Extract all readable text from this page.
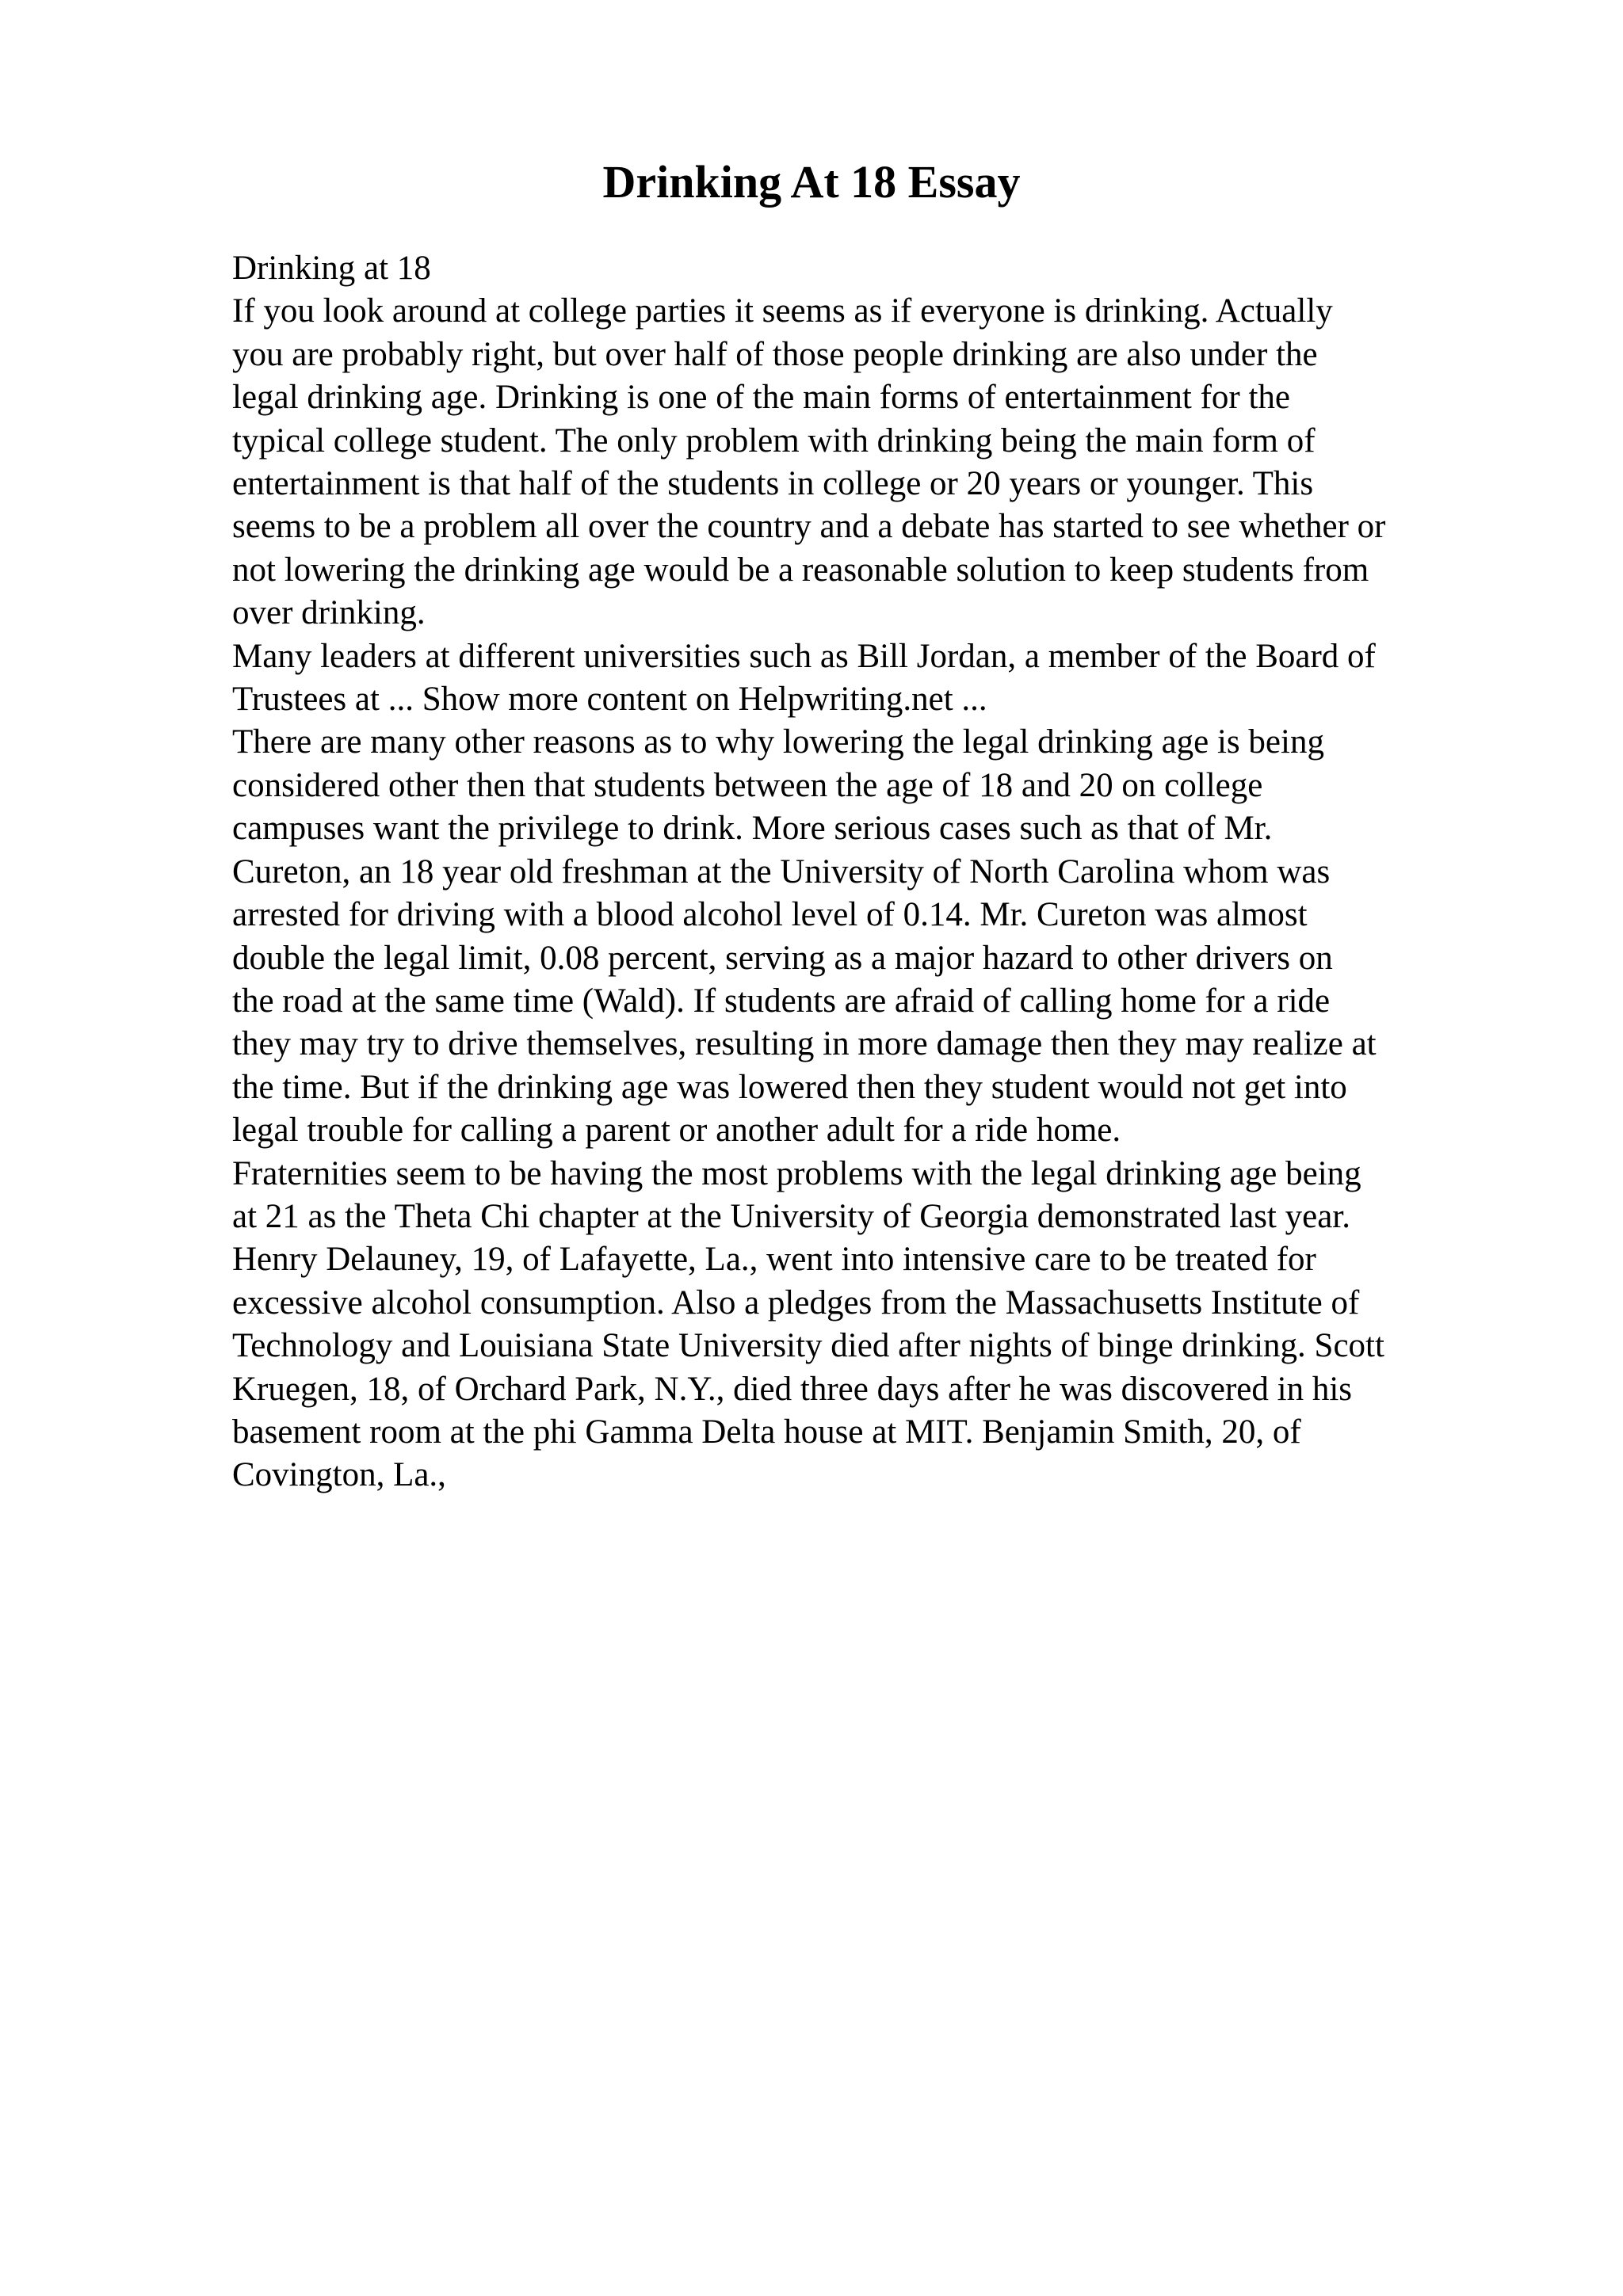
Drinking At 18 Essay
Drinking at 18
If you look around at college parties it seems as if everyone is drinking. Actually
you are probably right, but over half of those people drinking are also under the
legal drinking age. Drinking is one of the main forms of entertainment for the
typical college student. The only problem with drinking being the main form of
entertainment is that half of the students in college or 20 years or younger. This
seems to be a problem all over the country and a debate has started to see whether or
not lowering the drinking age would be a reasonable solution to keep students from
over drinking.
Many leaders at different universities such as Bill Jordan, a member of the Board of
Trustees at ... Show more content on Helpwriting.net ...
There are many other reasons as to why lowering the legal drinking age is being
considered other then that students between the age of 18 and 20 on college
campuses want the privilege to drink. More serious cases such as that of Mr.
Cureton, an 18 year old freshman at the University of North Carolina whom was
arrested for driving with a blood alcohol level of 0.14. Mr. Cureton was almost
double the legal limit, 0.08 percent, serving as a major hazard to other drivers on
the road at the same time (Wald). If students are afraid of calling home for a ride
they may try to drive themselves, resulting in more damage then they may realize at
the time. But if the drinking age was lowered then they student would not get into
legal trouble for calling a parent or another adult for a ride home.
Fraternities seem to be having the most problems with the legal drinking age being
at 21 as the Theta Chi chapter at the University of Georgia demonstrated last year.
Henry Delauney, 19, of Lafayette, La., went into intensive care to be treated for
excessive alcohol consumption. Also a pledges from the Massachusetts Institute of
Technology and Louisiana State University died after nights of binge drinking. Scott
Kruegen, 18, of Orchard Park, N.Y., died three days after he was discovered in his
basement room at the phi Gamma Delta house at MIT. Benjamin Smith, 20, of
Covington, La.,
